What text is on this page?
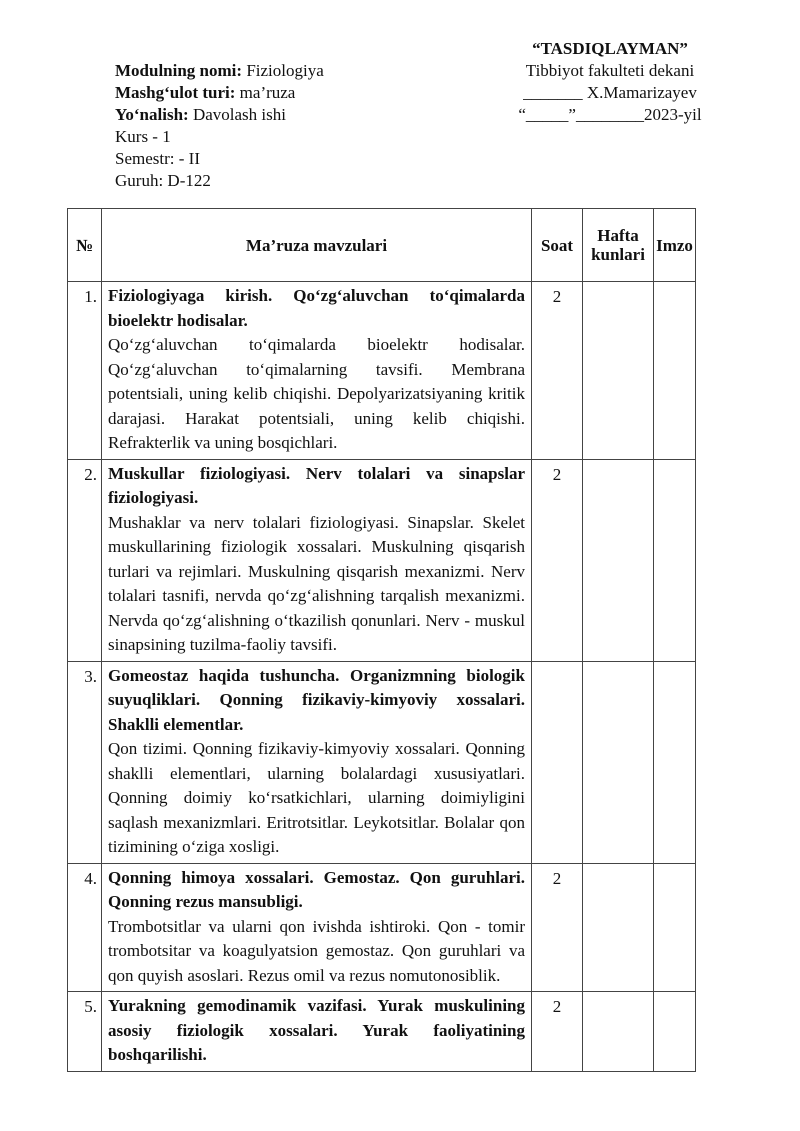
Modulning nomi: Fiziologiya
Mashg‘ulot turi: ma’ruza
Yo‘nalish: Davolash ishi
Kurs - 1
Semestr: - II
Guruh: D-122
“TASDIQLAYMAN”
Tibbiyot fakulteti dekani
_______ X.Mamarizayev
“_____”________2023-yil
№	Ma’ruza mavzulari	Soat	Hafta kunlari	Imzo
1.	Fiziologiyaga kirish. Qo‘zg‘aluvchan to‘qimalarda bioelektr hodisalar.
Qo‘zg‘aluvchan to‘qimalarda bioelektr hodisalar. Qo‘zg‘aluvchan to‘qimalarning tavsifi. Membrana potentsiali, uning kelib chiqishi. Depolyarizatsiyaning kritik darajasi. Harakat potentsiali, uning kelib chiqishi. Refrakterlik va uning bosqichlari.	2		
2.	Muskullar fiziologiyasi. Nerv tolalari va sinapslar fiziologiyasi.
Mushaklar va nerv tolalari fiziologiyasi. Sinapslar. Skelet muskullarining fiziologik xossalari. Muskulning qisqarish turlari va rejimlari. Muskulning qisqarish mexanizmi. Nerv tolalari tasnifi, nervda qo‘zg‘alishning tarqalish mexanizmi. Nervda qo‘zg‘alishning o‘tkazilish qonunlari. Nerv - muskul sinapsining tuzilma-faoliy tavsifi.	2		
3.	Gomeostaz haqida tushuncha. Organizmning biologik suyuqliklari. Qonning fizikaviy-kimyoviy xossalari. Shaklli elementlar.
Qon tizimi. Qonning fizikaviy-kimyoviy xossalari. Qonning shaklli elementlari, ularning bolalardagi xususiyatlari. Qonning doimiy ko‘rsatkichlari, ularning doimiyligini saqlash mexanizmlari. Eritrotsitlar. Leykotsitlar. Bolalar qon tizimining o‘ziga xosligi.			

4.	Qonning himoya xossalari. Gemostaz. Qon guruhlari. Qonning rezus mansubligi.
Trombotsitlar va ularni qon ivishda ishtiroki. Qon - tomir trombotsitar va koagulyatsion gemostaz. Qon guruhlari va qon quyish asoslari. Rezus omil va rezus nomutonosiblik.	2		
5.	Yurakning gemodinamik vazifasi. Yurak muskulining asosiy fiziologik xossalari. Yurak faoliyatining boshqarilishi.	2		
